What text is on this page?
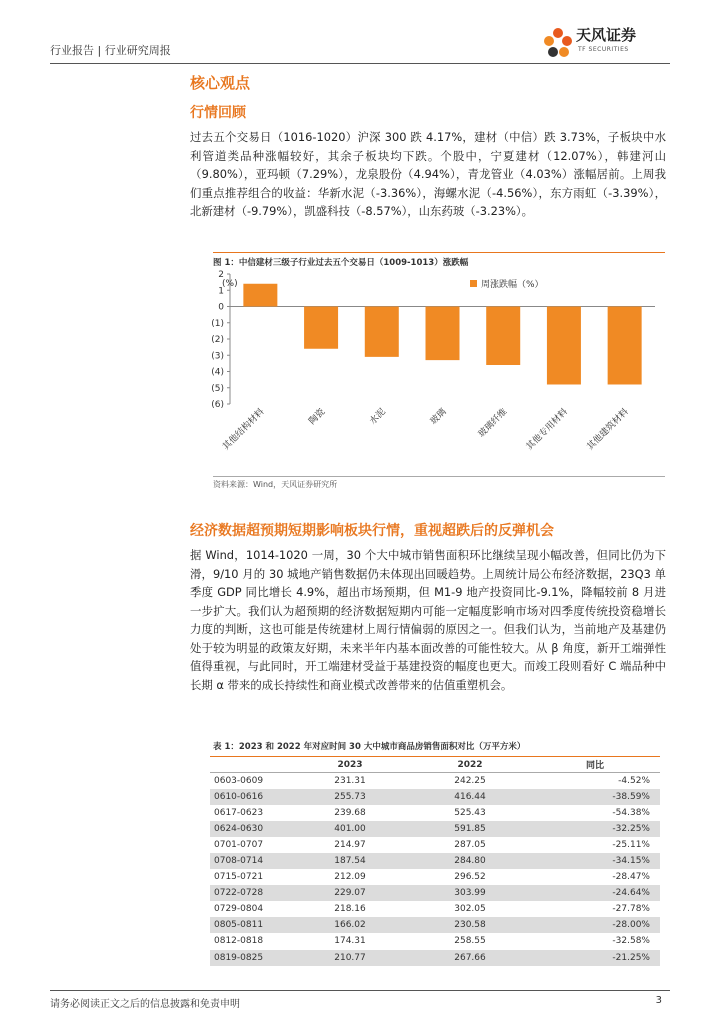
行业报告 | 行业研究周报
天风证券
TF SECURITIES
核心观点
行情回顾
过去五个交易日（1016-1020）沪深 300 跌 4.17%，建材（中信）跌 3.73%，子板块中水利管道类品种涨幅较好，其余子板块均下跌。个股中，宁夏建材（12.07%），韩建河山（9.80%），亚玛顿（7.29%），龙泉股份（4.94%），青龙管业（4.03%）涨幅居前。上周我们重点推荐组合的收益：华新水泥（-3.36%），海螺水泥（-4.56%），东方雨虹（-3.39%），北新建材（-9.79%），凯盛科技（-8.57%），山东药玻（-3.23%）。
图 1：中信建材三级子行业过去五个交易日（1009-1013）涨跌幅
2
1
0
(1)
(2)
(3)
(4)
(5)
(6)
(%)
其他结构材料	陶瓷	水泥	玻璃	玻璃纤维 其他专用材料 其他建筑材料
周涨跌幅（%）
资料来源：Wind，天风证券研究所
经济数据超预期短期影响板块行情，重视超跌后的反弹机会
据 Wind，1014-1020 一周，30 个大中城市销售面积环比继续呈现小幅改善，但同比仍为下滑，9/10 月的 30 城地产销售数据仍未体现出回暖趋势。上周统计局公布经济数据，23Q3 单季度 GDP 同比增长 4.9%，超出市场预期，但 M1-9 地产投资同比-9.1%，降幅较前 8 月进一步扩大。我们认为超预期的经济数据短期内可能一定幅度影响市场对四季度传统投资稳增长力度的判断，这也可能是传统建材上周行情偏弱的原因之一。但我们认为，当前地产及基建仍处于较为明显的政策友好期，未来半年内基本面改善的可能性较大。从 β 角度，新开工端弹性值得重视，与此同时，开工端建材受益于基建投资的幅度也更大。而竣工段则看好 C 端品种中长期 α 带来的成长持续性和商业模式改善带来的估值重塑机会。
表 1：2023 和 2022 年对应时间 30 大中城市商品房销售面积对比（万平方米）
	2023	2022	同比
0603-0609	231.31	242.25	-4.52%
0610-0616	255.73	416.44	-38.59%
0617-0623	239.68	525.43	-54.38%
0624-0630	401.00	591.85	-32.25%
0701-0707	214.97	287.05	-25.11%
0708-0714	187.54	284.80	-34.15%
0715-0721	212.09	296.52	-28.47%
0722-0728	229.07	303.99	-24.64%
0729-0804	218.16	302.05	-27.78%
0805-0811	166.02	230.58	-28.00%
0812-0818	174.31	258.55	-32.58%
0819-0825	210.77	267.66	-21.25%
请务必阅读正文之后的信息披露和免责申明	3
